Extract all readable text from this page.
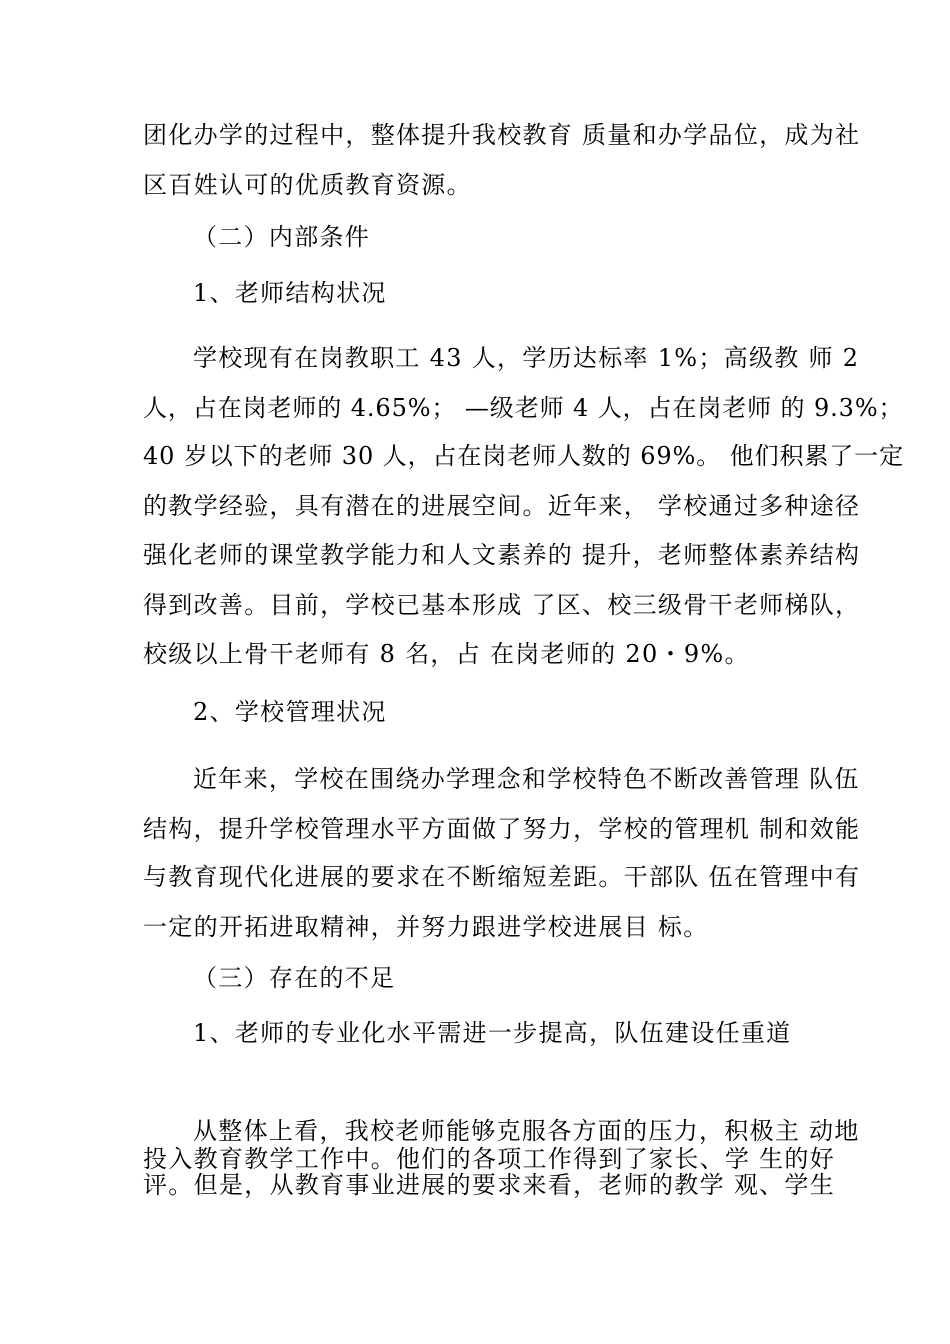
团化办学的过程中，整体提升我校教育 质量和办学品位，成为社
区百姓认可的优质教育资源。
（二）内部条件
1、老师结构状况
学校现有在岗教职工 43 人，学历达标率 1%；高级教 师 2
人，占在岗老师的 4.65%； —级老师 4 人，占在岗老师 的 9.3%；
40 岁以下的老师 30 人，占在岗老师人数的 69%。 他们积累了一定
的教学经验，具有潜在的进展空间。近年来， 学校通过多种途径
强化老师的课堂教学能力和人文素养的 提升，老师整体素养结构
得到改善。目前，学校已基本形成 了区、校三级骨干老师梯队，
校级以上骨干老师有 8 名，占 在岗老师的 20・9%。
2、学校管理状况
近年来，学校在围绕办学理念和学校特色不断改善管理 队伍
结构，提升学校管理水平方面做了努力，学校的管理机 制和效能
与教育现代化进展的要求在不断缩短差距。干部队 伍在管理中有
一定的开拓进取精神，并努力跟进学校进展目 标。
（三）存在的不足
1、老师的专业化水平需进一步提高，队伍建设任重道
从整体上看，我校老师能够克服各方面的压力，积极主 动地
投入教育教学工作中。他们的各项工作得到了家长、学 生的好
评。但是，从教育事业进展的要求来看，老师的教学 观、学生
